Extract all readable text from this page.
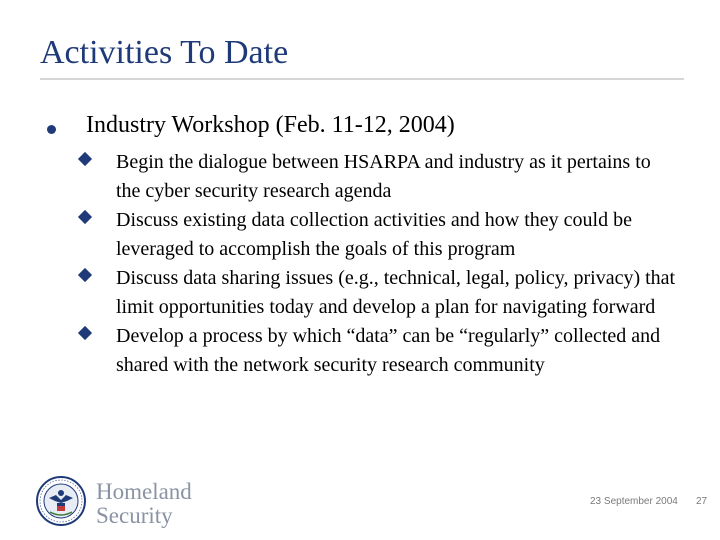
Activities To Date
Industry Workshop (Feb. 11-12, 2004)
Begin the dialogue between HSARPA and industry as it pertains to the cyber security research agenda
Discuss existing data collection activities and how they could be leveraged to accomplish the goals of this program
Discuss data sharing issues (e.g., technical, legal, policy, privacy) that limit opportunities today and develop a plan for navigating forward
Develop a process by which “data” can be “regularly” collected and shared with the network security research community
Homeland
Security
23 September 2004 27
